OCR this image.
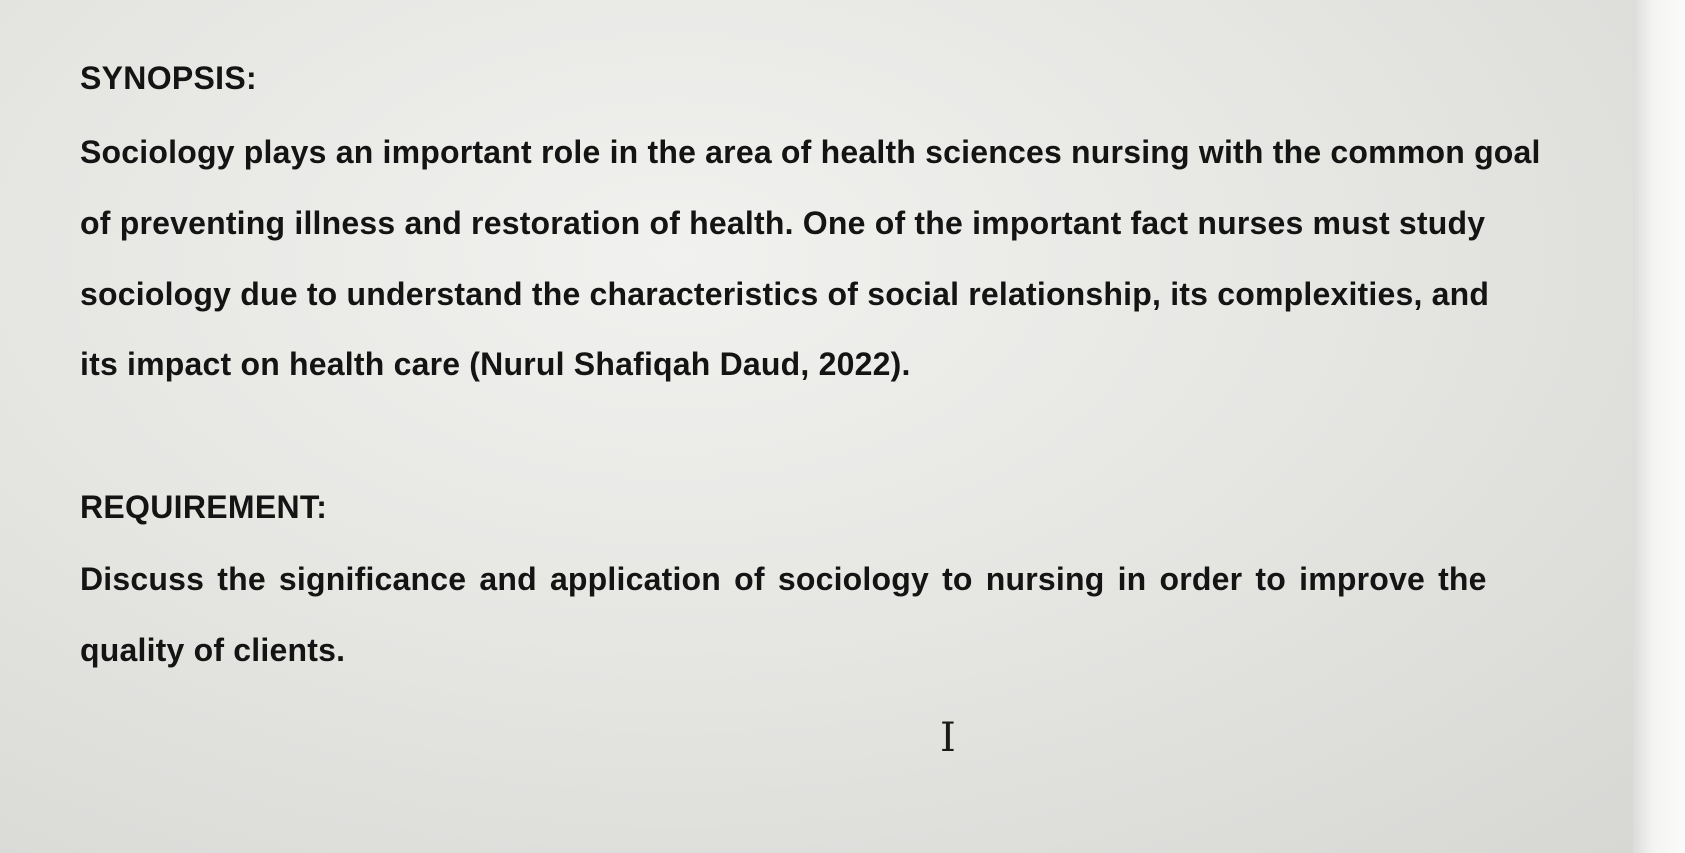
SYNOPSIS:
Sociology plays an important role in the area of health sciences nursing with the common goal
of preventing illness and restoration of health. One of the important fact nurses must study
sociology due to understand the characteristics of social relationship, its complexities, and
its impact on health care (Nurul Shafiqah Daud, 2022).
REQUIREMENT:
Discuss the significance and application of sociology to nursing in order to improve the
quality of clients.
I
